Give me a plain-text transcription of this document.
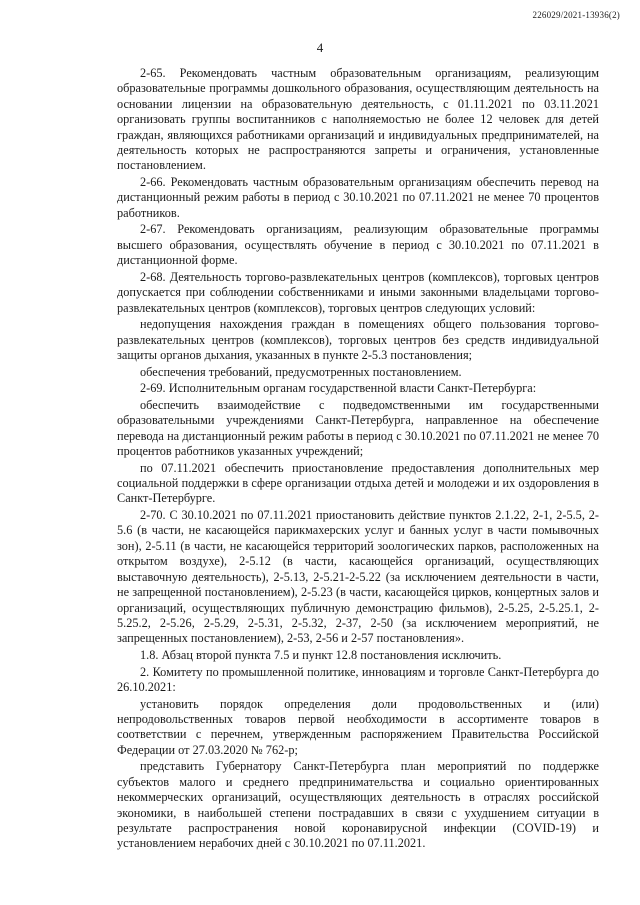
226029/2021-13936(2)
4

2-65. Рекомендовать частным образовательным организациям, реализующим образовательные программы дошкольного образования, осуществляющим деятельность на основании лицензии на образовательную деятельность, с 01.11.2021 по 03.11.2021 организовать группы воспитанников с наполняемостью не более 12 человек для детей граждан, являющихся работниками организаций и индивидуальных предпринимателей, на деятельность которых не распространяются запреты и ограничения, установленные постановлением.

2-66. Рекомендовать частным образовательным организациям обеспечить перевод на дистанционный режим работы в период с 30.10.2021 по 07.11.2021 не менее 70 процентов работников.

2-67. Рекомендовать организациям, реализующим образовательные программы высшего образования, осуществлять обучение в период с 30.10.2021 по 07.11.2021 в дистанционной форме.

2-68. Деятельность торгово-развлекательных центров (комплексов), торговых центров допускается при соблюдении собственниками и иными законными владельцами торгово-развлекательных центров (комплексов), торговых центров следующих условий:

недопущения нахождения граждан в помещениях общего пользования торгово-развлекательных центров (комплексов), торговых центров без средств индивидуальной защиты органов дыхания, указанных в пункте 2-5.3 постановления;

обеспечения требований, предусмотренных постановлением.

2-69. Исполнительным органам государственной власти Санкт-Петербурга:

обеспечить взаимодействие с подведомственными им государственными образовательными учреждениями Санкт-Петербурга, направленное на обеспечение перевода на дистанционный режим работы в период с 30.10.2021 по 07.11.2021 не менее 70 процентов работников указанных учреждений;

по 07.11.2021 обеспечить приостановление предоставления дополнительных мер социальной поддержки в сфере организации отдыха детей и молодежи и их оздоровления в Санкт-Петербурге.

2-70. С 30.10.2021 по 07.11.2021 приостановить действие пунктов 2.1.22, 2-1, 2-5.5, 2-5.6 (в части, не касающейся парикмахерских услуг и банных услуг в части помывочных зон), 2-5.11 (в части, не касающейся территорий зоологических парков, расположенных на открытом воздухе), 2-5.12 (в части, касающейся организаций, осуществляющих выставочную деятельность), 2-5.13, 2-5.21-2-5.22 (за исключением деятельности в части, не запрещенной постановлением), 2-5.23 (в части, касающейся цирков, концертных залов и организаций, осуществляющих публичную демонстрацию фильмов), 2-5.25, 2-5.25.1, 2-5.25.2, 2-5.26, 2-5.29, 2-5.31, 2-5.32, 2-37, 2-50 (за исключением мероприятий, не запрещенных постановлением), 2-53, 2-56 и 2-57 постановления».

1.8. Абзац второй пункта 7.5 и пункт 12.8 постановления исключить.

2. Комитету по промышленной политике, инновациям и торговле Санкт-Петербурга до 26.10.2021:

установить порядок определения доли продовольственных и (или) непродовольственных товаров первой необходимости в ассортименте товаров в соответствии с перечнем, утвержденным распоряжением Правительства Российской Федерации от 27.03.2020 № 762-р;

представить Губернатору Санкт-Петербурга план мероприятий по поддержке субъектов малого и среднего предпринимательства и социально ориентированных некоммерческих организаций, осуществляющих деятельность в отраслях российской экономики, в наибольшей степени пострадавших в связи с ухудшением ситуации в результате распространения новой коронавирусной инфекции (COVID-19) и установлением нерабочих дней с 30.10.2021 по 07.11.2021.
